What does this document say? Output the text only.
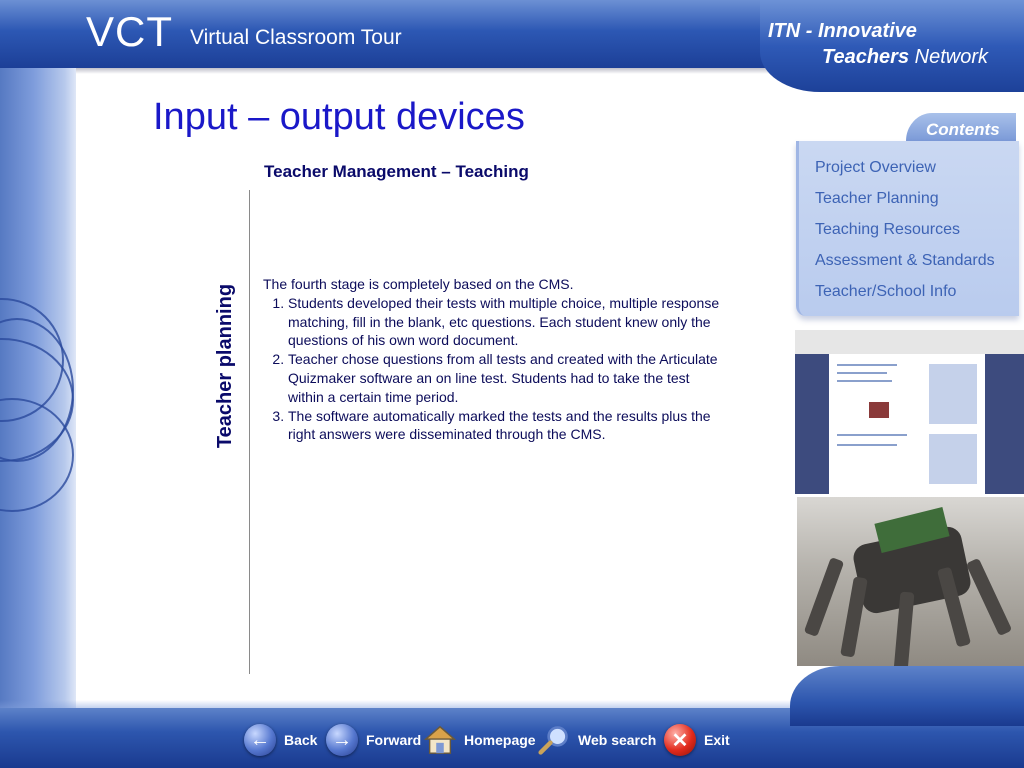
VCT Virtual Classroom Tour	ITN - Innovative
Teachers Network
Input – output devices
Teacher Management – Teaching
Teacher planning The fourth stage is completely based on the CMS.

1. Students developed their tests with multiple choice, multiple response matching, fill in the blank, etc questions. Each student knew only the questions of his own word document.
2. Teacher chose questions from all tests and created with the Articulate Quizmaker software an on line test. Students had to take the test within a certain time period.
3. The software automatically marked the tests and the results plus the right answers were disseminated through the CMS.
Contents
Project Overview
Teacher Planning
Teaching Resources
Assessment & Standards
Teacher/School Info
←	Back →	Forward	Homepage	Web search ✕	Exit
